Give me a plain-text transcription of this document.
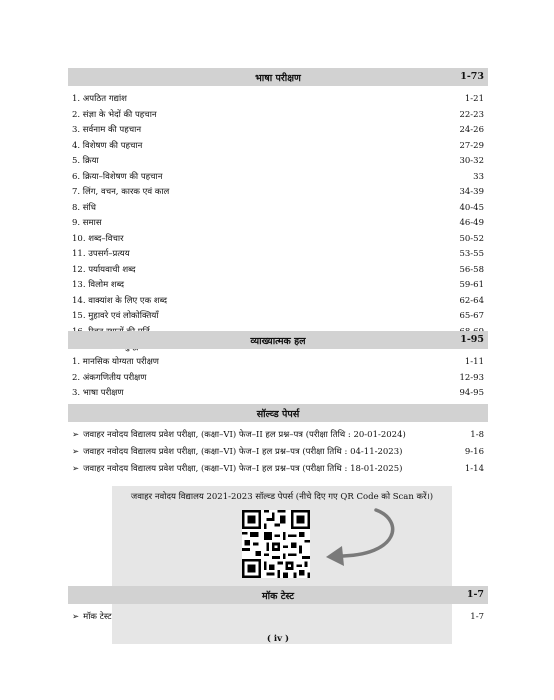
भाषा परीक्षण	1-73
1. अपठित गद्यांश	1-21
2. संज्ञा के भेदों की पहचान	22-23
3. सर्वनाम की पहचान	24-26
4. विशेषण की पहचान	27-29
5. क्रिया	30-32
6. क्रिया–विशेषण की पहचान	33
7. लिंग, वचन, कारक एवं काल	34-39
8. संधि	40-45
9. समास	46-49
10. शब्द–विचार	50-52
11. उपसर्ग–प्रत्यय	53-55
12. पर्यायवाची शब्द	56-58
13. विलोम शब्द	59-61
14. वाक्यांश के लिए एक शब्द	62-64
15. मुहावरे एवं लोकोक्तियाँ	65-67
व्याख्यात्मक हल	1-95
1. मानसिक योग्यता परीक्षण	1-11
2. अंकगणितीय परीक्षण	12-93
3. भाषा परीक्षण	94-95
सॉल्व्ड पेपर्स
➢ जवाहर नवोदय विद्यालय प्रवेश परीक्षा, (कक्षा–VI) फेज–II हल प्रश्न–पत्र (परीक्षा तिथि : 20-01-2024)	1-8
➢ जवाहर नवोदय विद्यालय प्रवेश परीक्षा, (कक्षा–VI) फेज–I हल प्रश्न–पत्र (परीक्षा तिथि : 04-11-2023)	9-16
➢ जवाहर नवोदय विद्यालय प्रवेश परीक्षा, (कक्षा–VI) फेज–I हल प्रश्न–पत्र (परीक्षा तिथि : 18-01-2025)	1-14
जवाहर नवोदय विद्यालय 2021-2023 सॉल्व्ड पेपर्स (नीचे दिए गए QR Code को Scan करें।)
मॉक टेस्ट	1-7
➢ मॉक टेस्ट	1-7
( iv )
